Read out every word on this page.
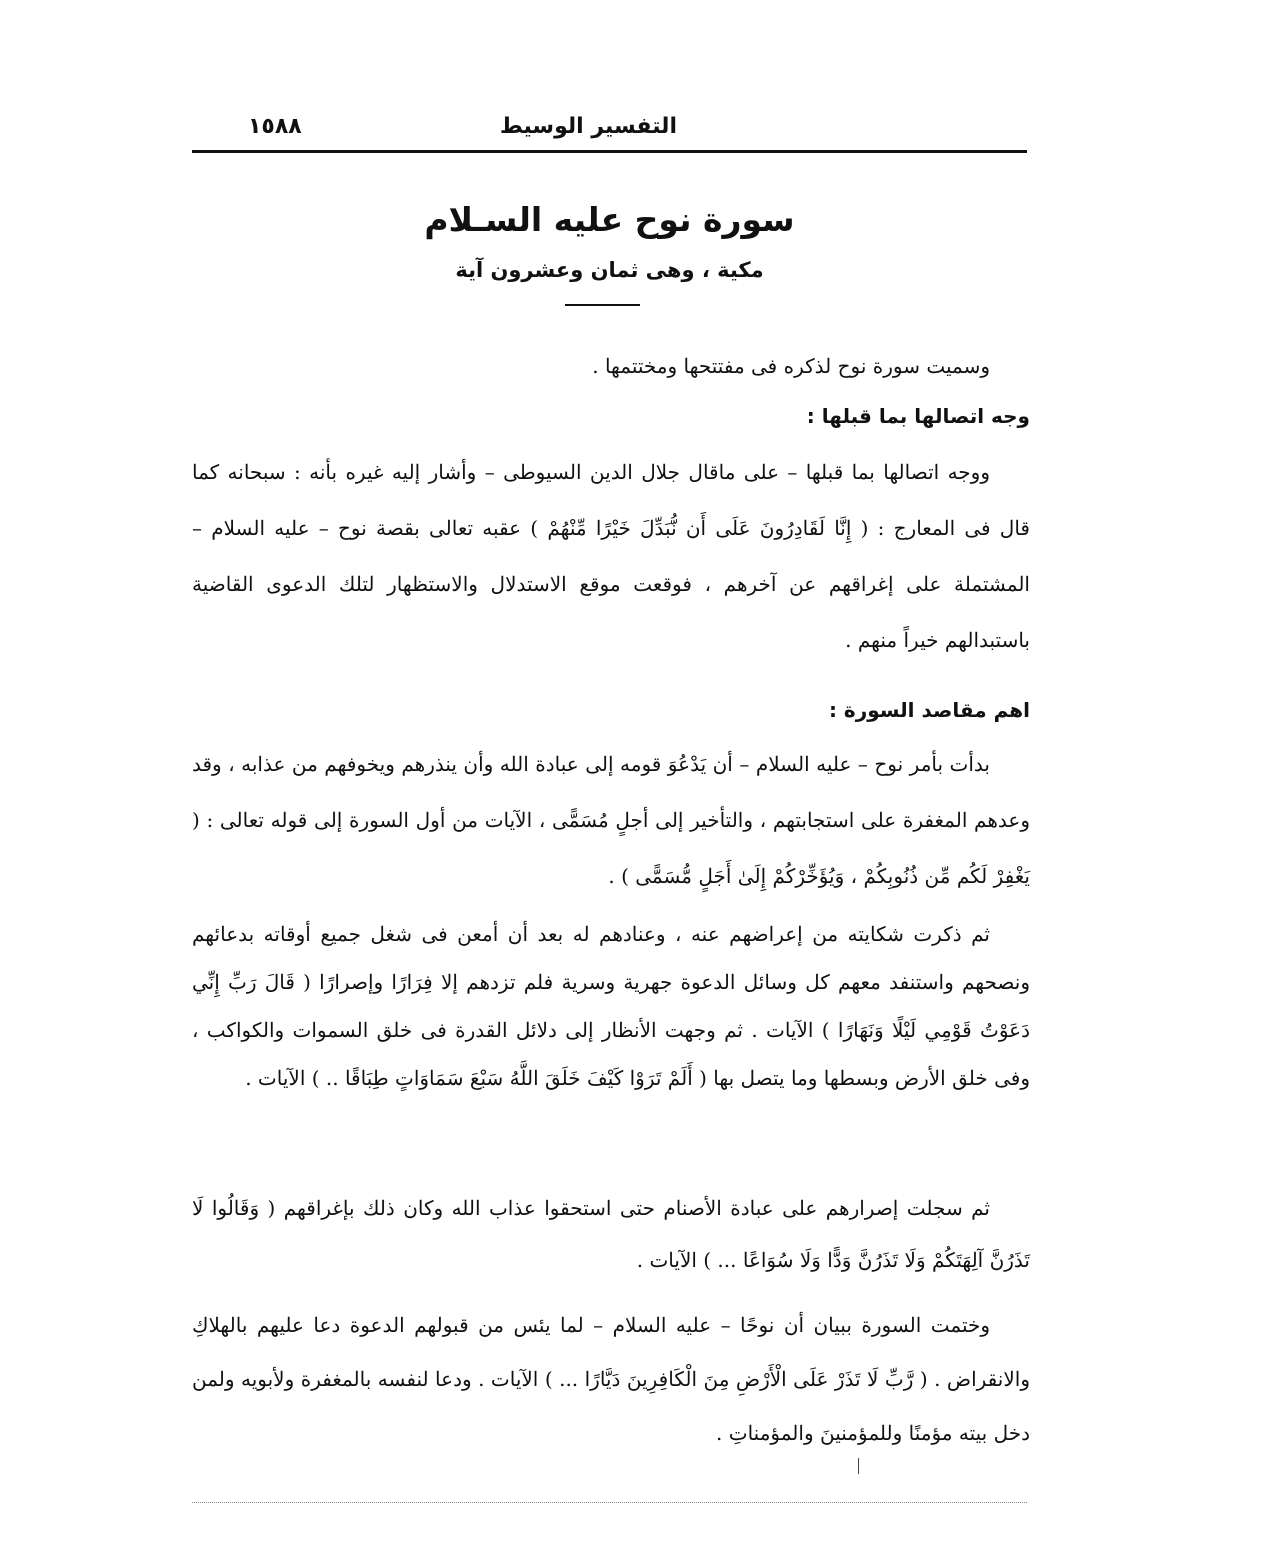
التفسير الوسيط
١٥٨٨
سورة نوح عليه السـلام
مكية ، وهى ثمان وعشرون آية

وسميت سورة نوح لذكره فى مفتتحها ومختتمها .

وجه اتصالها بما قبلها :

ووجه اتصالها بما قبلها – على ماقال جلال الدين السيوطى – وأشار إليه غيره بأنه : سبحانه كما قال فى المعارج : ( إِنَّا لَقَادِرُونَ عَلَى أَن نُّبَدِّلَ خَيْرًا مِّنْهُمْ ) عقبه تعالى بقصة نوح – عليه السلام – المشتملة على إغراقهم عن آخرهم ، فوقعت موقع الاستدلال والاستظهار لتلك الدعوى القاضية باستبدالهم خيراً منهم .

اهم مقاصد السورة :

بدأت بأمر نوح – عليه السلام – أن يَدْعُوَ قومه إلى عبادة الله وأن ينذرهم ويخوفهم من عذابه ، وقد وعدهم المغفرة على استجابتهم ، والتأخير إلى أجلٍ مُسَمًّى ، الآيات من أول السورة إلى قوله تعالى : ( يَغْفِرْ لَكُم مِّن ذُنُوبِكُمْ ، وَيُؤَخِّرْكُمْ إِلَىٰ أَجَلٍ مُّسَمًّى ) .

ثم ذكرت شكايته من إعراضهم عنه ، وعنادهم له بعد أن أمعن فى شغل جميع أوقاته بدعائهم ونصحهم واستنفد معهم كل وسائل الدعوة جهرية وسرية فلم تزدهم إلا فِرَارًا وإصرارًا ( قَالَ رَبِّ إِنِّي دَعَوْتُ قَوْمِي لَيْلًا وَنَهَارًا ) الآيات . ثم وجهت الأنظار إلى دلائل القدرة فى خلق السموات والكواكب ، وفى خلق الأرض وبسطها وما يتصل بها ( أَلَمْ تَرَوْا كَيْفَ خَلَقَ اللَّهُ سَبْعَ سَمَاوَاتٍ طِبَاقًا .. ) الآيات .

ثم سجلت إصرارهم على عبادة الأصنام حتى استحقوا عذاب الله وكان ذلك بإغراقهم ( وَقَالُوا لَا تَذَرُنَّ آلِهَتَكُمْ وَلَا تَذَرُنَّ وَدًّا وَلَا سُوَاعًا ... ) الآيات .

وختمت السورة ببيان أن نوحًا – عليه السلام – لما يئس من قبولهم الدعوة دعا عليهم بالهلاكِ والانقراض . ( رَّبِّ لَا تَذَرْ عَلَى الْأَرْضِ مِنَ الْكَافِرِينَ دَيَّارًا ... ) الآيات . ودعا لنفسه بالمغفرة ولأبويه ولمن دخل بيته مؤمنًا وللمؤمنينَ والمؤمناتِ .
